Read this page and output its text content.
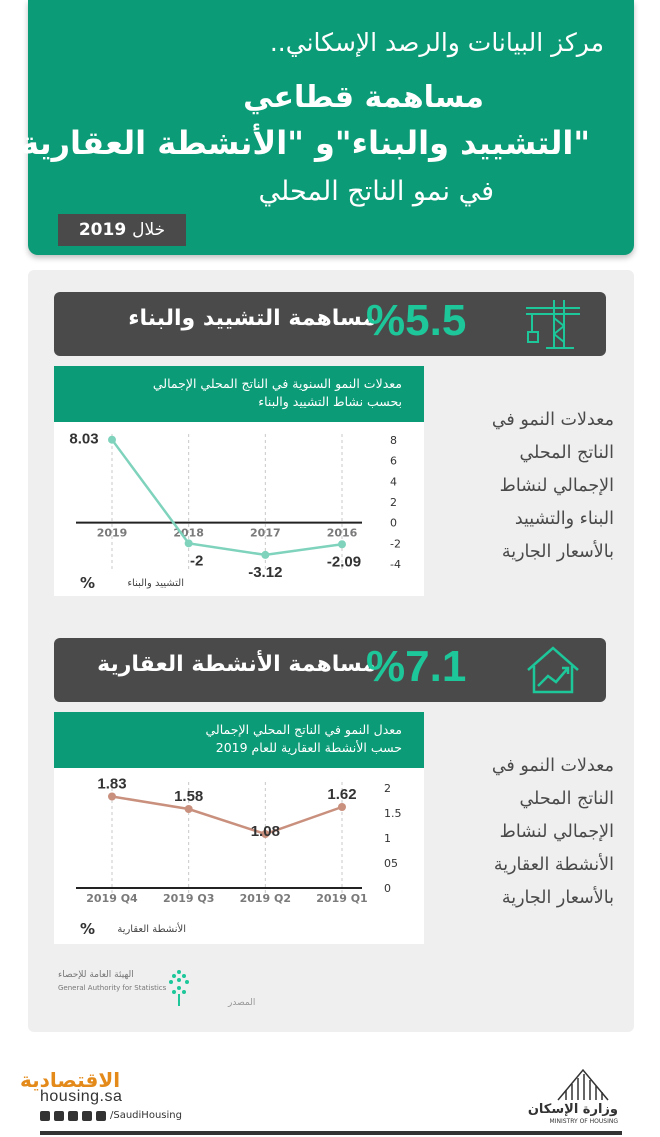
مركز البيانات والرصد الإسكاني..
مساهمة قطاعي
"التشييد والبناء"و "الأنشطة العقارية"
في نمو الناتج المحلي
خلال
2019
مساهمة التشييد والبناء
%5.5
معدلات النمو السنوية في الناتج المحلي الإجمالي
بحسب نشاط التشييد والبناء
8
6
4
2
0
-2
-4
2019	2018	2017	2016
8.03
-2
-3.12
-2.09
التشييد والبناء
%
معدلات النمو في
الناتج المحلي
الإجمالي لنشاط
البناء والتشييد
بالأسعار الجارية
مساهمة الأنشطة العقارية
%7.1
معدل النمو في الناتج المحلي الإجمالي
حسب الأنشطة العقارية للعام 2019
2
1.5
1
05
0
2019 Q4 2019 Q3 2019 Q2 2019 Q1
1.83
1.58
1.08
1.62
الأنشطة العقارية
%
معدلات النمو في
الناتج المحلي
الإجمالي لنشاط
الأنشطة العقارية
بالأسعار الجارية
الهيئة العامة للإحصاء
General Authority for Statistics
المصدر
الاقتصادية
housing.sa
/SaudiHousing	وزارة الإسكان
MINISTRY OF HOUSING
